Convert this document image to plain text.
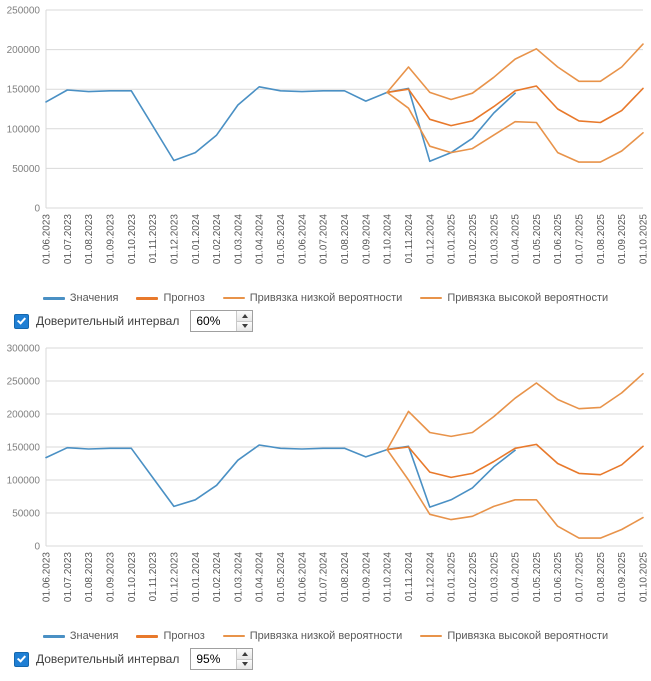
0
50000
100000
150000
200000
250000
01.06.2023 01.07.2023 01.08.2023 01.09.2023 01.10.2023 01.11.2023 01.12.2023 01.01.2024 01.02.2024 01.03.2024 01.04.2024 01.05.2024 01.06.2024 01.07.2024 01.08.2024 01.09.2024 01.10.2024 01.11.2024 01.12.2024 01.01.2025 01.02.2025 01.03.2025 01.04.2025 01.05.2025 01.06.2025 01.07.2025 01.08.2025 01.09.2025 01.10.2025
Значения	Прогноз	Привязка низкой вероятности	Привязка высокой вероятности
Доверительный интервал	60%
0
50000
100000
150000
200000
250000
300000
01.06.2023 01.07.2023 01.08.2023 01.09.2023 01.10.2023 01.11.2023 01.12.2023 01.01.2024 01.02.2024 01.03.2024 01.04.2024 01.05.2024 01.06.2024 01.07.2024 01.08.2024 01.09.2024 01.10.2024 01.11.2024 01.12.2024 01.01.2025 01.02.2025 01.03.2025 01.04.2025 01.05.2025 01.06.2025 01.07.2025 01.08.2025 01.09.2025 01.10.2025
Значения	Прогноз	Привязка низкой вероятности	Привязка высокой вероятности
Доверительный интервал	95%
